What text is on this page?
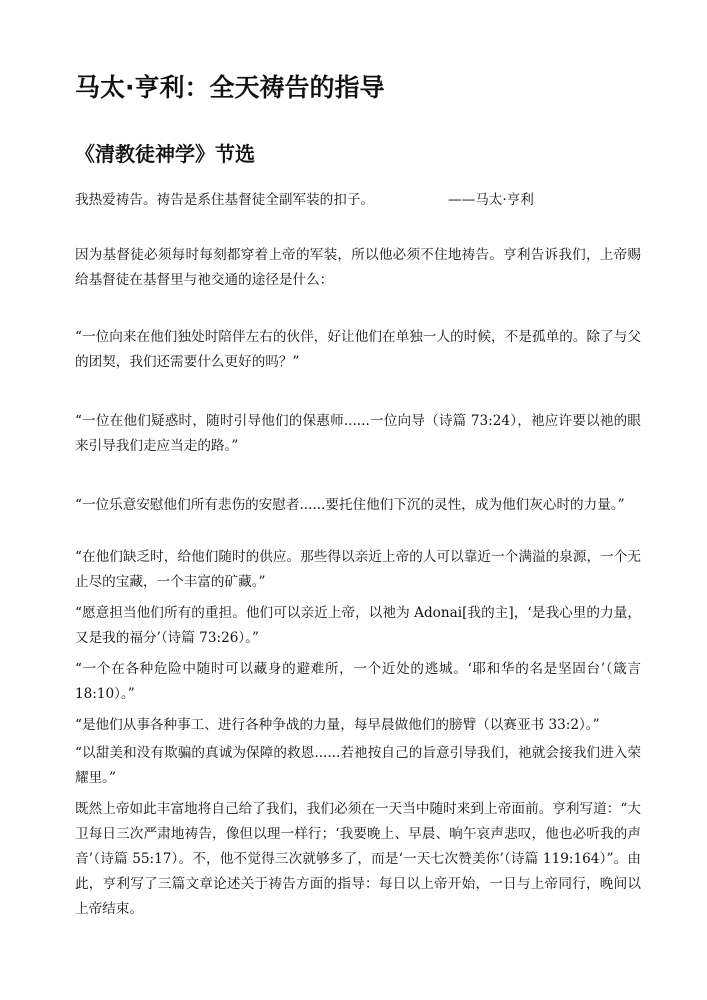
马太·亨利：全天祷告的指导
《清教徒神学》节选
我热爱祷告。祷告是系住基督徒全副军装的扣子。	——马太·亨利

因为基督徒必须每时每刻都穿着上帝的军装，所以他必须不住地祷告。亨利告诉我们，上帝赐给基督徒在基督里与祂交通的途径是什么：

“一位向来在他们独处时陪伴左右的伙伴，好让他们在单独一人的时候，不是孤单的。除了与父的团契，我们还需要什么更好的吗？”

“一位在他们疑惑时，随时引导他们的保惠师......一位向导（诗篇 73:24），祂应许要以祂的眼来引导我们走应当走的路。”

“一位乐意安慰他们所有悲伤的安慰者......要托住他们下沉的灵性，成为他们灰心时的力量。”

“在他们缺乏时，给他们随时的供应。那些得以亲近上帝的人可以靠近一个满溢的泉源，一个无止尽的宝藏，一个丰富的矿藏。”

“愿意担当他们所有的重担。他们可以亲近上帝，以祂为 Adonai[我的主]，‘是我心里的力量，又是我的福分’（诗篇 73:26）。”

“一个在各种危险中随时可以藏身的避难所，一个近处的逃城。‘耶和华的名是坚固台’（箴言 18:10）。”

“是他们从事各种事工、进行各种争战的力量，每早晨做他们的膀臂（以赛亚书 33:2）。”

“以甜美和没有欺骗的真诚为保障的救恩......若祂按自己的旨意引导我们，祂就会接我们进入荣耀里。”

既然上帝如此丰富地将自己给了我们，我们必须在一天当中随时来到上帝面前。亨利写道：“大卫每日三次严肃地祷告，像但以理一样行；‘我要晚上、早晨、晌午哀声悲叹，他也必听我的声音’（诗篇 55:17）。不，他不觉得三次就够多了，而是‘一天七次赞美你’（诗篇 119:164）”。由此，亨利写了三篇文章论述关于祷告方面的指导：每日以上帝开始，一日与上帝同行，晚间以上帝结束。
